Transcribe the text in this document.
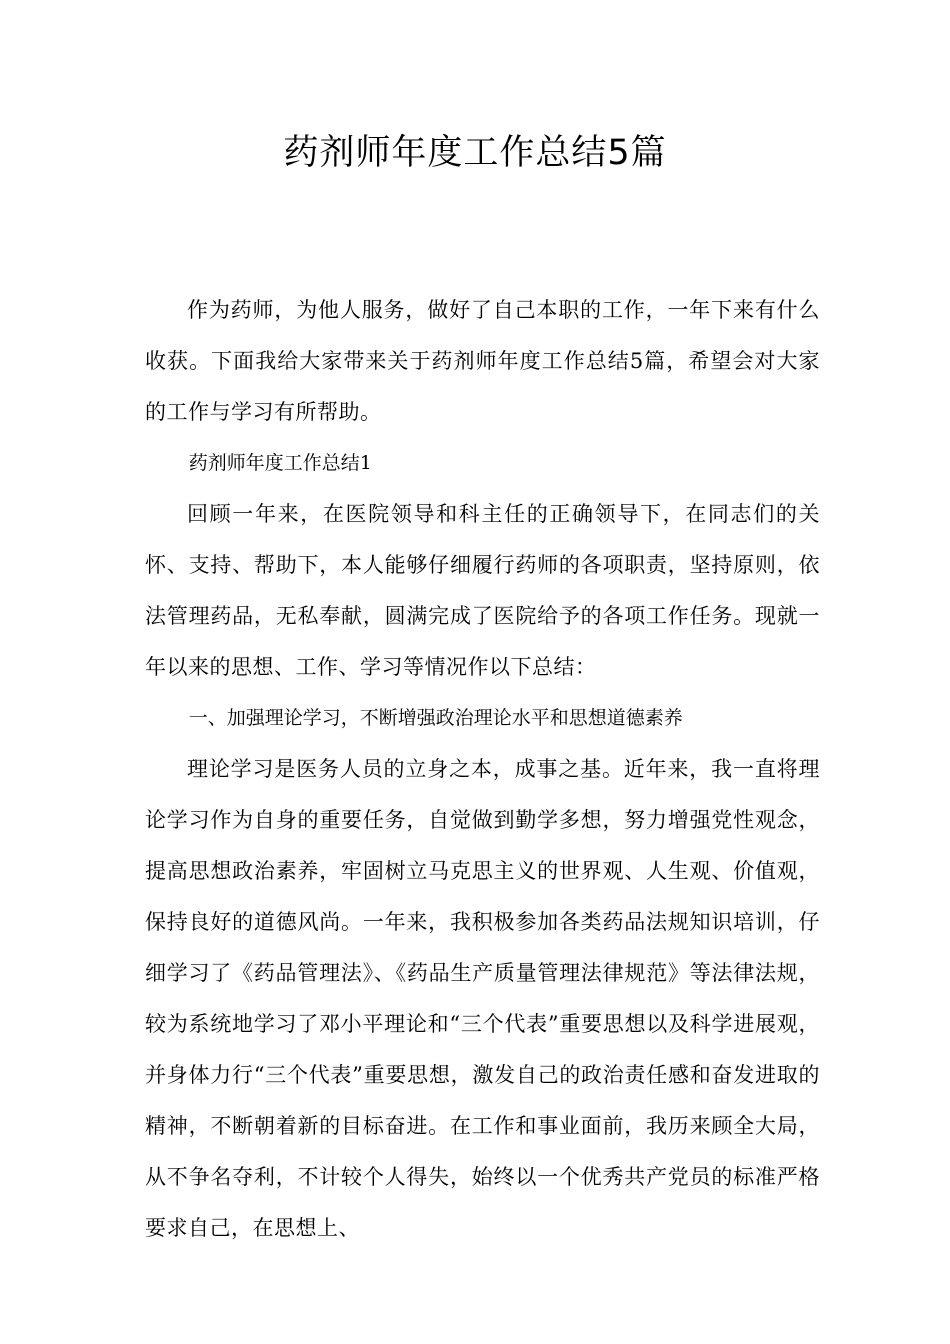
药剂师年度工作总结5篇

作为药师，为他人服务，做好了自己本职的工作，一年下来有什么收获。下面我给大家带来关于药剂师年度工作总结5篇，希望会对大家的工作与学习有所帮助。

药剂师年度工作总结1

回顾一年来，在医院领导和科主任的正确领导下，在同志们的关怀、支持、帮助下，本人能够仔细履行药师的各项职责，坚持原则，依法管理药品，无私奉献，圆满完成了医院给予的各项工作任务。现就一年以来的思想、工作、学习等情况作以下总结：

一、加强理论学习，不断增强政治理论水平和思想道德素养

理论学习是医务人员的立身之本，成事之基。近年来，我一直将理论学习作为自身的重要任务，自觉做到勤学多想，努力增强党性观念，提高思想政治素养，牢固树立马克思主义的世界观、人生观、价值观，保持良好的道德风尚。一年来，我积极参加各类药品法规知识培训，仔细学习了《药品管理法》、《药品生产质量管理法律规范》等法律法规，较为系统地学习了邓小平理论和“三个代表”重要思想以及科学进展观，并身体力行“三个代表”重要思想，激发自己的政治责任感和奋发进取的精神，不断朝着新的目标奋进。在工作和事业面前，我历来顾全大局，从不争名夺利，不计较个人得失，始终以一个优秀共产党员的标准严格要求自己，在思想上、
